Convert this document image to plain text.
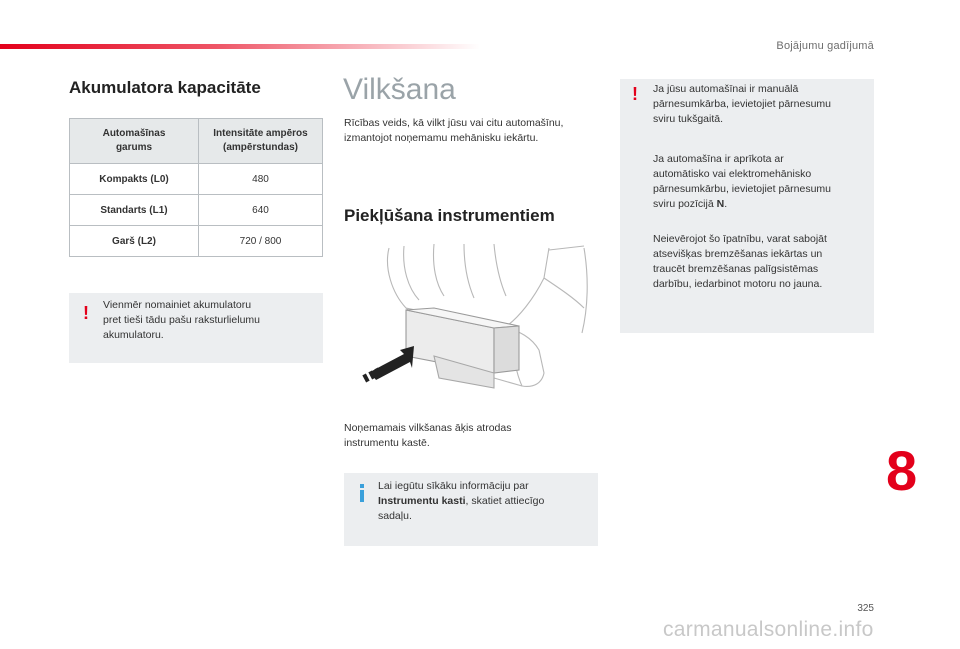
Bojājumu gadījumā
Akumulatora kapacitāte
Automašīnas garums	Intensitāte ampēros (ampērstundas)

Kompakts (L0)	480
Standarts (L1)	640
Garš (L2)	720 / 800
! Vienmēr nomainiet akumulatoru
pret tieši tādu pašu raksturlielumu
akumulatoru.
Vilkšana
Rīcības veids, kā vilkt jūsu vai citu automašīnu,
izmantojot noņemamu mehānisku iekārtu.
Piekļūšana instrumentiem
Noņemamais vilkšanas āķis atrodas
instrumentu kastē.
Lai iegūtu sīkāku informāciju par
Instrumentu kasti, skatiet attiecīgo
sadaļu.
! Ja jūsu automašīnai ir manuālā
pārnesumkārba, ievietojiet pārnesumu
sviru tukšgaitā.
Ja automašīna ir aprīkota ar
automātisko vai elektromehānisko
pārnesumkārbu, ievietojiet pārnesumu
sviru pozīcijā N.
Neievērojot šo īpatnību, varat sabojāt
atsevišķas bremzēšanas iekārtas un
traucēt bremzēšanas palīgsistēmas
darbību, iedarbinot motoru no jauna.
8
325
carmanualsonline.info
